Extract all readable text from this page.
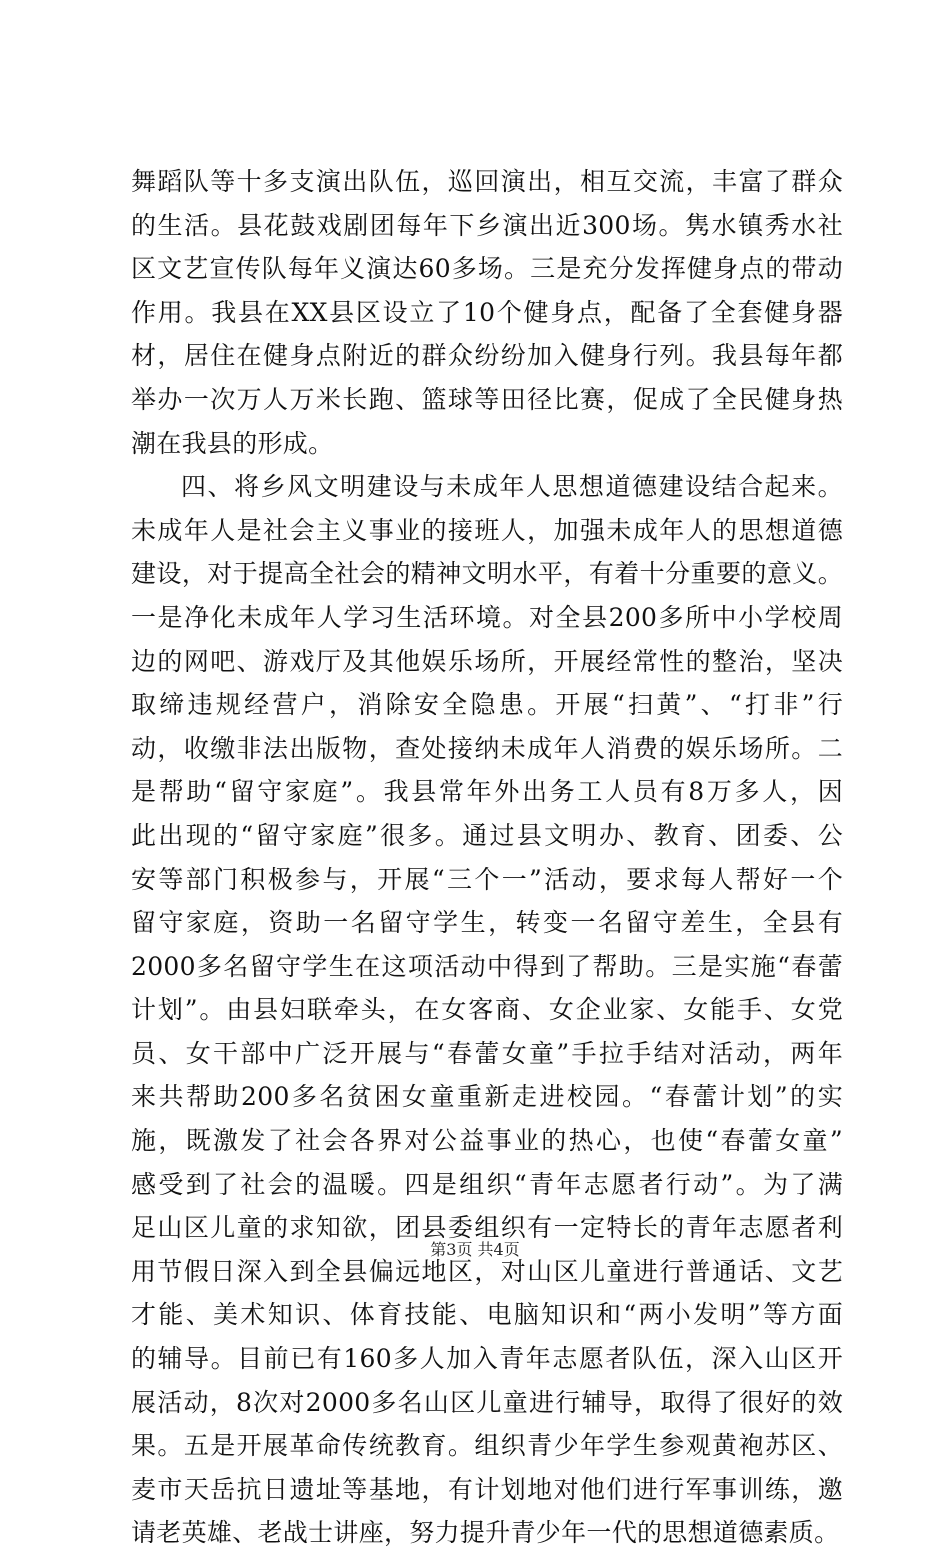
舞蹈队等十多支演出队伍，巡回演出，相互交流，丰富了群众
的生活。县花鼓戏剧团每年下乡演出近300场。隽水镇秀水社
区文艺宣传队每年义演达60多场。三是充分发挥健身点的带动
作用。我县在XX县区设立了10个健身点，配备了全套健身器
材，居住在健身点附近的群众纷纷加入健身行列。我县每年都
举办一次万人万米长跑、篮球等田径比赛，促成了全民健身热
潮在我县的形成。
四、将乡风文明建设与未成年人思想道德建设结合起来。
未成年人是社会主义事业的接班人，加强未成年人的思想道德
建设，对于提高全社会的精神文明水平，有着十分重要的意义。
一是净化未成年人学习生活环境。对全县200多所中小学校周
边的网吧、游戏厅及其他娱乐场所，开展经常性的整治，坚决
取缔违规经营户，消除安全隐患。开展“扫黄”、“打非”行
动，收缴非法出版物，查处接纳未成年人消费的娱乐场所。二
是帮助“留守家庭”。我县常年外出务工人员有8万多人，因
此出现的“留守家庭”很多。通过县文明办、教育、团委、公
安等部门积极参与，开展“三个一”活动，要求每人帮好一个
留守家庭，资助一名留守学生，转变一名留守差生，全县有
2000多名留守学生在这项活动中得到了帮助。三是实施“春蕾
计划”。由县妇联牵头，在女客商、女企业家、女能手、女党
员、女干部中广泛开展与“春蕾女童”手拉手结对活动，两年
来共帮助200多名贫困女童重新走进校园。“春蕾计划”的实
施，既激发了社会各界对公益事业的热心，也使“春蕾女童”
感受到了社会的温暖。四是组织“青年志愿者行动”。为了满
足山区儿童的求知欲，团县委组织有一定特长的青年志愿者利
用节假日深入到全县偏远地区，对山区儿童进行普通话、文艺
才能、美术知识、体育技能、电脑知识和“两小发明”等方面
的辅导。目前已有160多人加入青年志愿者队伍，深入山区开
展活动，8次对2000多名山区儿童进行辅导，取得了很好的效
果。五是开展革命传统教育。组织青少年学生参观黄袍苏区、
麦市天岳抗日遗址等基地，有计划地对他们进行军事训练，邀
请老英雄、老战士讲座，努力提升青少年一代的思想道德素质。
第3页 共4页
